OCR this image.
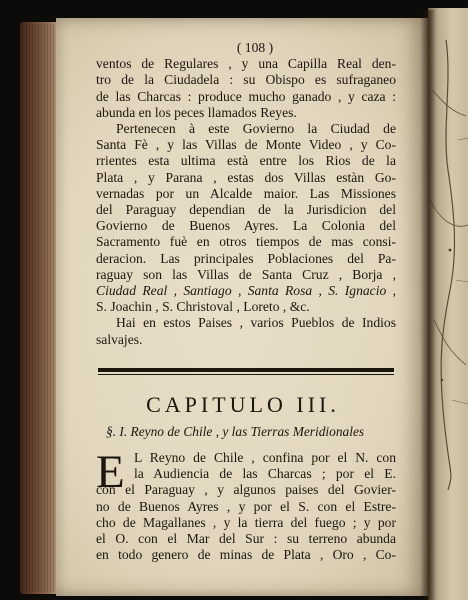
( 108 )
ventos de Regulares , y una Capilla Real den-
tro de la Ciudadela : su Obispo es sufraganeo
de las Charcas : produce mucho ganado , y caza :
abunda en los peces llamados Reyes.
Pertenecen à este Govierno la Ciudad de
Santa Fè , y las Villas de Monte Video , y Co-
rrientes esta ultima està entre los Rios de la
Plata , y Parana , estas dos Villas estàn Go-
vernadas por un Alcalde maior. Las Missiones
del Paraguay dependian de la Jurisdicion del
Govierno de Buenos Ayres. La Colonia del
Sacramento fuè en otros tiempos de mas consi-
deracion. Las principales Poblaciones del Pa-
raguay son las Villas de Santa Cruz , Borja ,
Ciudad Real , Santiago , Santa Rosa , S. Ignacio ,
S. Joachin , S. Christoval , Loreto , &c.
Hai en estos Paises , varios Pueblos de Indios
salvajes.
CAPITULO III.
§. I. Reyno de Chile , y las Tierras Meridionales
E L Reyno de Chile , confina por el N. con
la Audiencia de las Charcas ; por el E.
con el Paraguay , y algunos paises del Govier-
no de Buenos Ayres , y por el S. con el Estre-
cho de Magallanes , y la tierra del fuego ; y por
el O. con el Mar del Sur : su terreno abunda
en todo genero de minas de Plata , Oro , Co-
